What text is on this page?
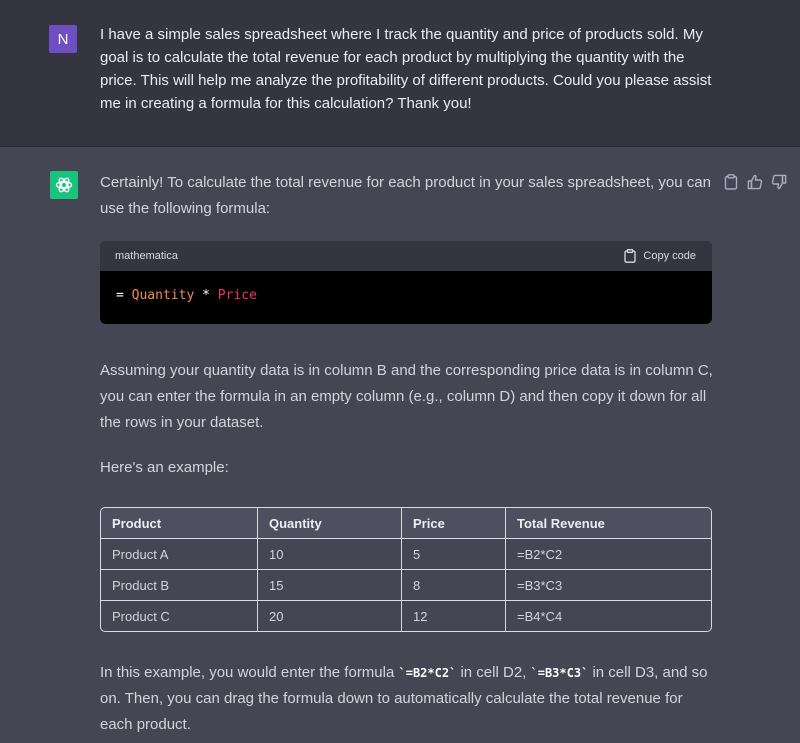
N	I have a simple sales spreadsheet where I track the quantity and price of products sold. My goal is to calculate the total revenue for each product by multiplying the quantity with the price. This will help me analyze the profitability of different products. Could you please assist me in creating a formula for this calculation? Thank you!

Certainly! To calculate the total revenue for each product in your sales spreadsheet, you can use the following formula:

mathematica	Copy code
= Quantity * Price

Assuming your quantity data is in column B and the corresponding price data is in column C, you can enter the formula in an empty column (e.g., column D) and then copy it down for all the rows in your dataset.

Here's an example:

Product	Quantity	Price	Total Revenue
Product A	10	5	=B2*C2
Product B	15	8	=B3*C3
Product C	20	12	=B4*C4

In this example, you would enter the formula `=B2*C2` in cell D2, `=B3*C3` in cell D3, and so on. Then, you can drag the formula down to automatically calculate the total revenue for each product.
